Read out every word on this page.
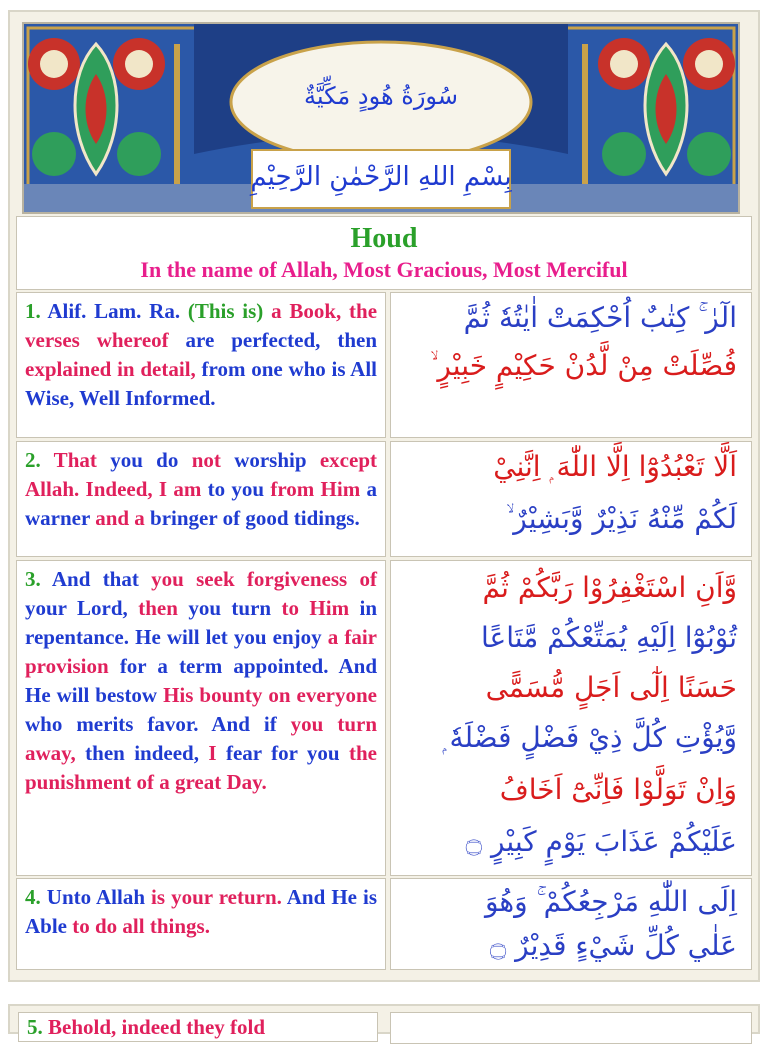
سُورَةُ هُودٍ مَكِّيَّةٌ
بِسْمِ اللهِ الرَّحْمٰنِ الرَّحِيْمِ
Houd
In the name of Allah, Most Gracious, Most Merciful
1. Alif. Lam. Ra. (This is) a Book, the verses whereof are perfected, then explained in detail, from one who is All Wise, Well Informed.
الٓرٰ ۚ كِتٰبٌ اُحْكِمَتْ اٰيٰتُهٗ ثُمَّ
فُصِّلَتْ مِنْ لَّدُنْ حَكِيْمٍ خَبِيْرٍ ۙ
2. That you do not worship except Allah. Indeed, I am to you from Him a warner and a bringer of good tidings.
اَلَّا تَعْبُدُوْٓا اِلَّا اللّٰهَ ۭ اِنَّنِيْ
لَكُمْ مِّنْهُ نَذِيْرٌ وَّبَشِيْرٌ ۙ
3. And that you seek forgiveness of your Lord, then you turn to Him in repentance. He will let you enjoy a fair provision for a term appointed. And He will bestow His bounty on everyone who merits favor. And if you turn away, then indeed, I fear for you the punishment of a great Day.
وَّاَنِ اسْتَغْفِرُوْا رَبَّكُمْ ثُمَّ
تُوْبُوْٓا اِلَيْهِ يُمَتِّعْكُمْ مَّتَاعًا
حَسَنًا اِلٰٓى اَجَلٍ مُّسَمًّى
وَّيُؤْتِ كُلَّ ذِيْ فَضْلٍ فَضْلَهٗ ۭ
وَاِنْ تَوَلَّوْا فَاِنِّىْٓ اَخَافُ
عَلَيْكُمْ عَذَابَ يَوْمٍ كَبِيْرٍ ۝
4. Unto Allah is your return. And He is Able to do all things.
اِلَى اللّٰهِ مَرْجِعُكُمْ ۚ وَهُوَ
عَلٰي كُلِّ شَيْءٍ قَدِيْرٌ ۝
5. Behold, indeed they fold
